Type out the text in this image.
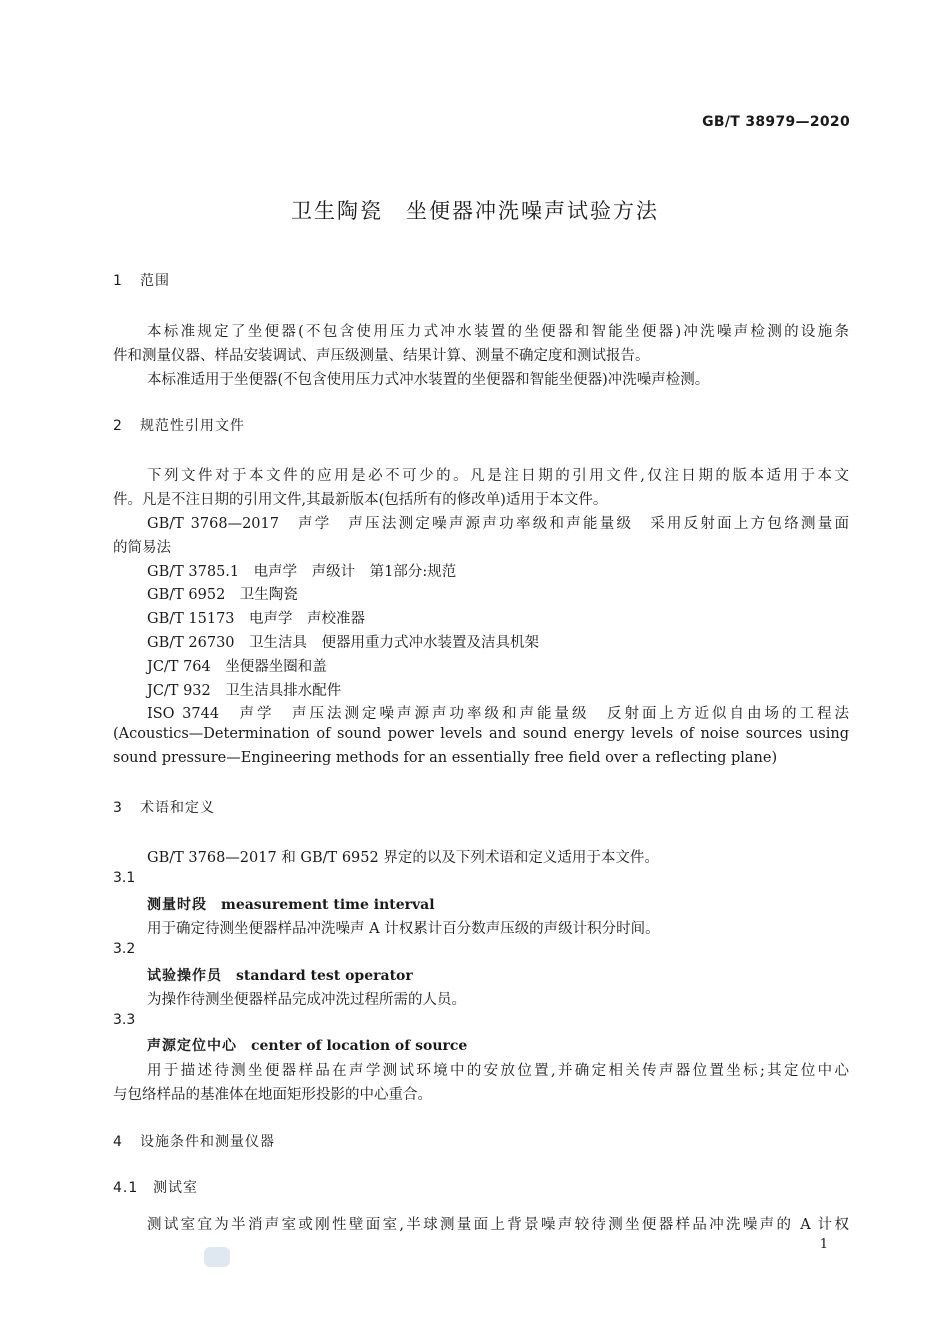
GB/T 38979—2020
卫生陶瓷　坐便器冲洗噪声试验方法
1 范围
本标准规定了坐便器(不包含使用压力式冲水装置的坐便器和智能坐便器)冲洗噪声检测的设施条
件和测量仪器、样品安装调试、声压级测量、结果计算、测量不确定度和测试报告。
本标准适用于坐便器(不包含使用压力式冲水装置的坐便器和智能坐便器)冲洗噪声检测。
2 规范性引用文件
下列文件对于本文件的应用是必不可少的。凡是注日期的引用文件,仅注日期的版本适用于本文
件。凡是不注日期的引用文件,其最新版本(包括所有的修改单)适用于本文件。
GB/T 3768—2017　声学　声压法测定噪声源声功率级和声能量级　采用反射面上方包络测量面
的简易法
GB/T 3785.1　电声学　声级计　第1部分:规范
GB/T 6952　卫生陶瓷
GB/T 15173　电声学　声校准器
GB/T 26730　卫生洁具　便器用重力式冲水装置及洁具机架
JC/T 764　坐便器坐圈和盖
JC/T 932　卫生洁具排水配件
ISO 3744　声学　声压法测定噪声源声功率级和声能量级　反射面上方近似自由场的工程法
(Acoustics—Determination of sound power levels and sound energy levels of noise sources using
sound pressure—Engineering methods for an essentially free field over a reflecting plane)
3 术语和定义
GB/T 3768—2017 和 GB/T 6952 界定的以及下列术语和定义适用于本文件。
3.1
测量时段 measurement time interval
用于确定待测坐便器样品冲洗噪声 A 计权累计百分数声压级的声级计积分时间。
3.2
试验操作员 standard test operator
为操作待测坐便器样品完成冲洗过程所需的人员。
3.3
声源定位中心 center of location of source
用于描述待测坐便器样品在声学测试环境中的安放位置,并确定相关传声器位置坐标;其定位中心
与包络样品的基准体在地面矩形投影的中心重合。
4 设施条件和测量仪器
4.1 测试室
测试室宜为半消声室或刚性壁面室,半球测量面上背景噪声较待测坐便器样品冲洗噪声的 A 计权
1
